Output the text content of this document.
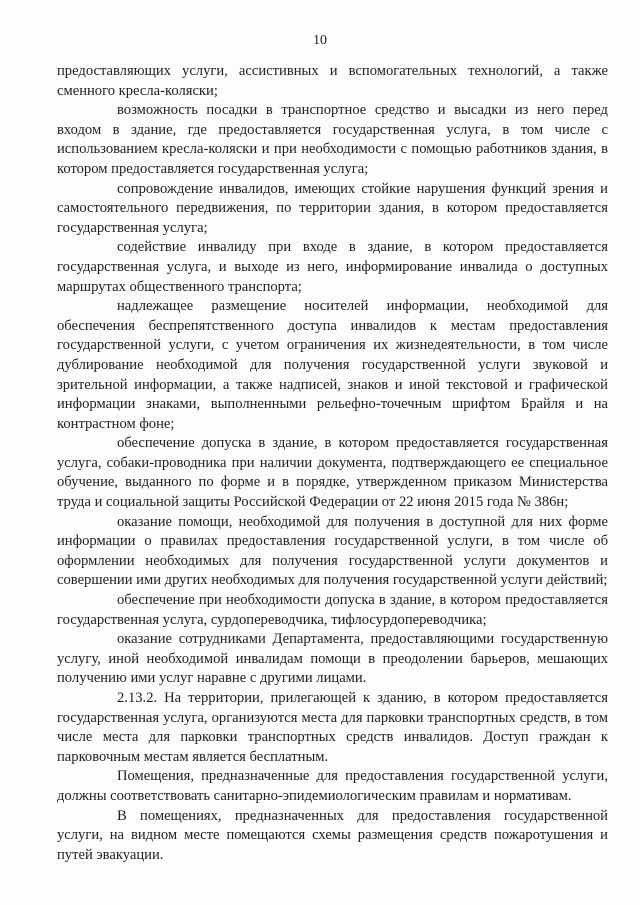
10

предоставляющих услуги, ассистивных и вспомогательных технологий, а также сменного кресла-коляски;

возможность посадки в транспортное средство и высадки из него перед входом в здание, где предоставляется государственная услуга, в том числе с использованием кресла-коляски и при необходимости с помощью работников здания, в котором предоставляется государственная услуга;

сопровождение инвалидов, имеющих стойкие нарушения функций зрения и самостоятельного передвижения, по территории здания, в котором предоставляется государственная услуга;

содействие инвалиду при входе в здание, в котором предоставляется государственная услуга, и выходе из него, информирование инвалида о доступных маршрутах общественного транспорта;

надлежащее размещение носителей информации, необходимой для обеспечения беспрепятственного доступа инвалидов к местам предоставления государственной услуги, с учетом ограничения их жизнедеятельности, в том числе дублирование необходимой для получения государственной услуги звуковой и зрительной информации, а также надписей, знаков и иной текстовой и графической информации знаками, выполненными рельефно-точечным шрифтом Брайля и на контрастном фоне;

обеспечение допуска в здание, в котором предоставляется государственная услуга, собаки-проводника при наличии документа, подтверждающего ее специальное обучение, выданного по форме и в порядке, утвержденном приказом Министерства труда и социальной защиты Российской Федерации от 22 июня 2015 года № 386н;

оказание помощи, необходимой для получения в доступной для них форме информации о правилах предоставления государственной услуги, в том числе об оформлении необходимых для получения государственной услуги документов и совершении ими других необходимых для получения государственной услуги действий;

обеспечение при необходимости допуска в здание, в котором предоставляется государственная услуга, сурдопереводчика, тифлосурдопереводчика;

оказание сотрудниками Департамента, предоставляющими государственную услугу, иной необходимой инвалидам помощи в преодолении барьеров, мешающих получению ими услуг наравне с другими лицами.

2.13.2. На территории, прилегающей к зданию, в котором предоставляется государственная услуга, организуются места для парковки транспортных средств, в том числе места для парковки транспортных средств инвалидов. Доступ граждан к парковочным местам является бесплатным.

Помещения, предназначенные для предоставления государственной услуги, должны соответствовать санитарно-эпидемиологическим правилам и нормативам.

В помещениях, предназначенных для предоставления государственной услуги, на видном месте помещаются схемы размещения средств пожаротушения и путей эвакуации.
